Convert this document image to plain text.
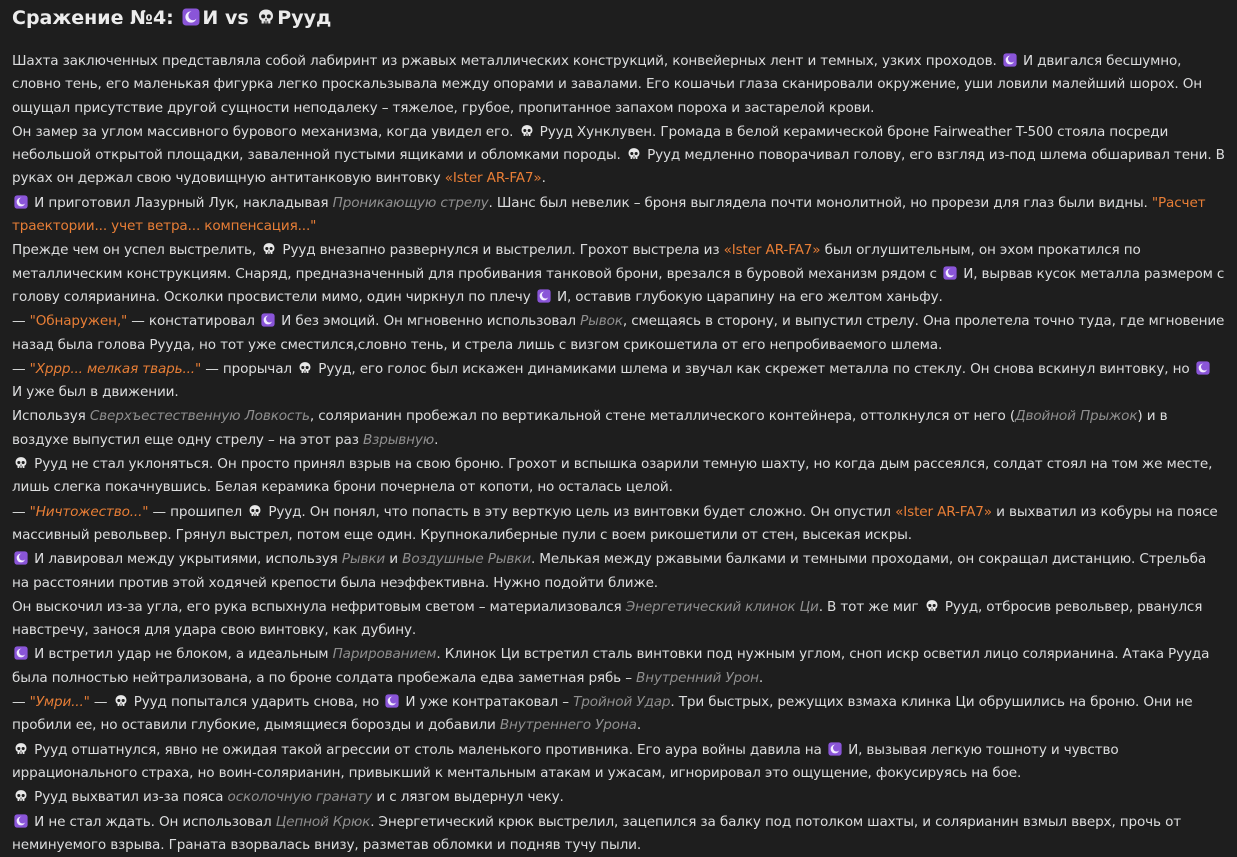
Сражение №4: И vs Рууд
Шахта заключенных представляла собой лабиринт из ржавых металлических конструкций, конвейерных лент и темных, узких проходов.
И двигался бесшумно, словно тень, его маленькая фигурка легко проскальзывала между опорами и завалами. Его кошачьи глаза сканировали окружение, уши ловили малейший шорох. Он ощущал присутствие другой сущности неподалеку – тяжелое, грубое, пропитанное запахом пороха и застарелой крови.
Он замер за углом массивного бурового механизма, когда увидел его.
Рууд Хунклувен. Громада в белой керамической броне Fairweather T-500 стояла посреди небольшой открытой площадки, заваленной пустыми ящиками и обломками породы.
Рууд медленно поворачивал голову, его взгляд из-под шлема обшаривал тени. В руках он держал свою чудовищную антитанковую винтовку «Ister AR-FA7».
И приготовил Лазурный Лук, накладывая Проникающую стрелу. Шанс был невелик – броня выглядела почти монолитной, но прорези для глаз были видны. "Расчет траектории... учет ветра... компенсация..."
Прежде чем он успел выстрелить,
Рууд внезапно развернулся и выстрелил. Грохот выстрела из «Ister AR-FA7» был оглушительным, он эхом прокатился по металлическим конструкциям. Снаряд, предназначенный для пробивания танковой брони, врезался в буровой механизм рядом с
И, вырвав кусок металла размером с голову солярианина. Осколки просвистели мимо, один чиркнул по плечу
И, оставив глубокую царапину на его желтом ханьфу.
— "Обнаружен," — констатировал
И без эмоций. Он мгновенно использовал Рывок, смещаясь в сторону, и выпустил стрелу. Она пролетела точно туда, где мгновение назад была голова Рууда, но тот уже сместился,словно тень, и стрела лишь с визгом срикошетила от его непробиваемого шлема.
— "Хррр... мелкая тварь..." — прорычал
Рууд, его голос был искажен динамиками шлема и звучал как скрежет металла по стеклу. Он снова вскинул винтовку, но
И уже был в движении.
Используя Сверхъестественную Ловкость, солярианин пробежал по вертикальной стене металлического контейнера, оттолкнулся от него (Двойной Прыжок) и в воздухе выпустил еще одну стрелу – на этот раз Взрывную.
Рууд не стал уклоняться. Он просто принял взрыв на свою броню. Грохот и вспышка озарили темную шахту, но когда дым рассеялся, солдат стоял на том же месте, лишь слегка покачнувшись. Белая керамика брони почернела от копоти, но осталась целой.
— "Ничтожество..." — прошипел
Рууд. Он понял, что попасть в эту верткую цель из винтовки будет сложно. Он опустил «Ister AR-FA7» и выхватил из кобуры на поясе массивный револьвер. Грянул выстрел, потом еще один. Крупнокалиберные пули с воем рикошетили от стен, высекая искры.
И лавировал между укрытиями, используя Рывки и Воздушные Рывки. Мелькая между ржавыми балками и темными проходами, он сокращал дистанцию. Стрельба на расстоянии против этой ходячей крепости была неэффективна. Нужно подойти ближе.
Он выскочил из-за угла, его рука вспыхнула нефритовым светом – материализовался Энергетический клинок Ци. В тот же миг
Рууд, отбросив револьвер, рванулся навстречу, занося для удара свою винтовку, как дубину.
И встретил удар не блоком, а идеальным Парированием. Клинок Ци встретил сталь винтовки под нужным углом, сноп искр осветил лицо солярианина. Атака Рууда была полностью нейтрализована, а по броне солдата пробежала едва заметная рябь – Внутренний Урон.
— "Умри..." —
Рууд попытался ударить снова, но
И уже контратаковал – Тройной Удар. Три быстрых, режущих взмаха клинка Ци обрушились на броню. Они не пробили ее, но оставили глубокие, дымящиеся борозды и добавили Внутреннего Урона.
Рууд отшатнулся, явно не ожидая такой агрессии от столь маленького противника. Его аура войны давила на
И, вызывая легкую тошноту и чувство иррационального страха, но воин-солярианин, привыкший к ментальным атакам и ужасам, игнорировал это ощущение, фокусируясь на бое.
Рууд выхватил из-за пояса осколочную гранату и с лязгом выдернул чеку.
И не стал ждать. Он использовал Цепной Крюк. Энергетический крюк выстрелил, зацепился за балку под потолком шахты, и солярианин взмыл вверх, прочь от неминуемого взрыва. Граната взорвалась внизу, разметав обломки и подняв тучу пыли.
